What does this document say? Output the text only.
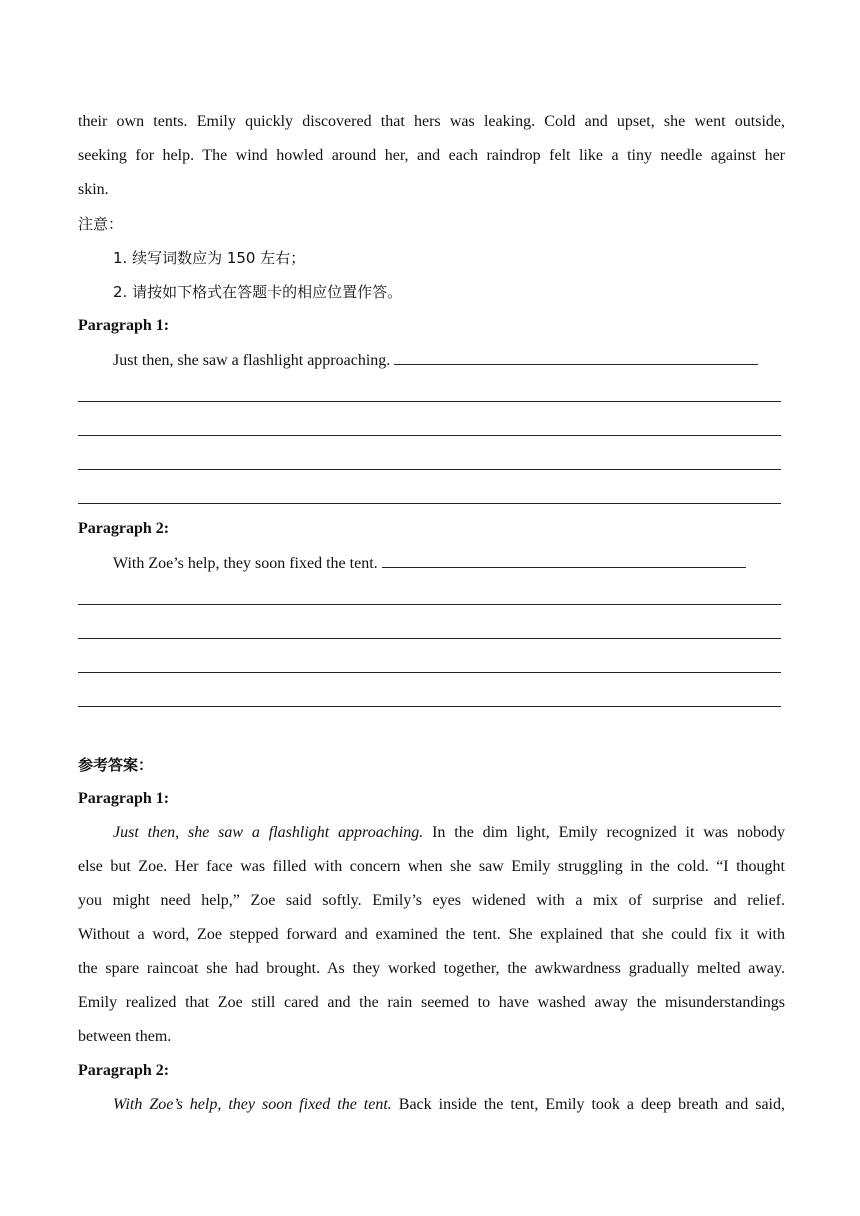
their own tents. Emily quickly discovered that hers was leaking. Cold and upset, she went outside,
seeking for help. The wind howled around her, and each raindrop felt like a tiny needle against her
skin.
注意：
1. 续写词数应为 150 左右；
2. 请按如下格式在答题卡的相应位置作答。
Paragraph 1:
Just then, she saw a flashlight approaching.
Paragraph 2:
With Zoe’s help, they soon fixed the tent.
参考答案：
Paragraph 1:
Just then, she saw a flashlight approaching. In the dim light, Emily recognized it was nobody
else but Zoe. Her face was filled with concern when she saw Emily struggling in the cold. “I thought
you might need help,” Zoe said softly. Emily’s eyes widened with a mix of surprise and relief.
Without a word, Zoe stepped forward and examined the tent. She explained that she could fix it with
the spare raincoat she had brought. As they worked together, the awkwardness gradually melted away.
Emily realized that Zoe still cared and the rain seemed to have washed away the misunderstandings
between them.
Paragraph 2:
With Zoe’s help, they soon fixed the tent. Back inside the tent, Emily took a deep breath and said,
